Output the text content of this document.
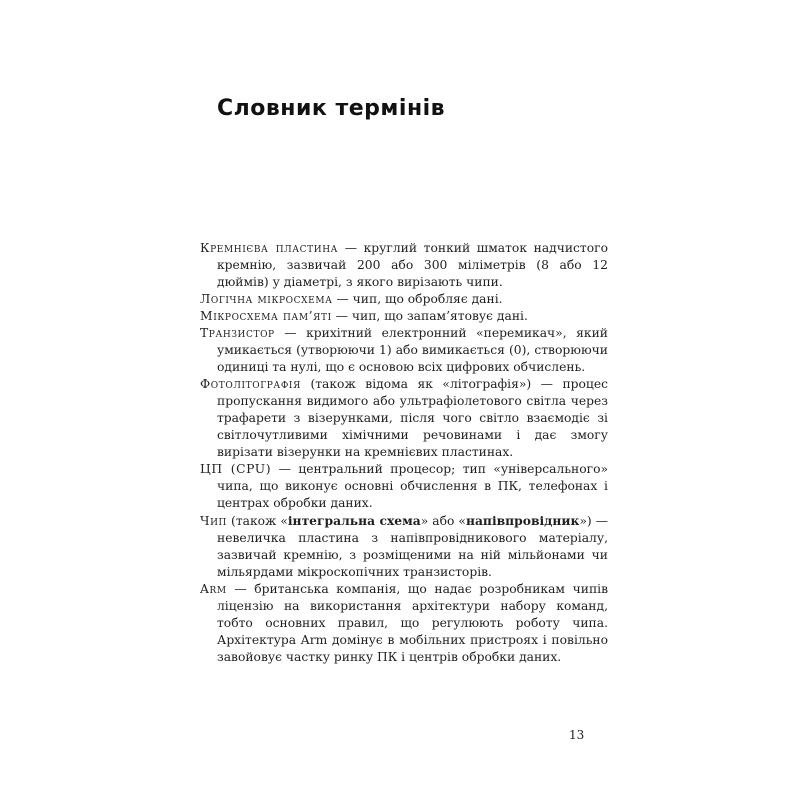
Словник термінів

Кремнієва пластина — круглий тонкий шматок надчистого кремнію, зазвичай 200 або 300 міліметрів (8 або 12 дюймів) у діаметрі, з якого вирізають чипи.

Логічна мікросхема — чип, що обробляє дані.

Мікросхема пам’яті — чип, що запам’ятовує дані.

Транзистор — крихітний електронний «перемикач», який умикається (утворюючи 1) або вимикається (0), створюючи одиниці та нулі, що є основою всіх цифрових обчислень.

Фотолітографія (також відома як «літографія») — процес пропускання видимого або ультрафіолетового світла через трафарети з візерунками, після чого світло взаємодіє зі світлочутливими хімічними речовинами і дає змогу вирізати візерунки на кремнієвих пластинах.

ЦП (CPU) — центральний процесор; тип «універсального» чипа, що виконує основні обчислення в ПК, телефонах і центрах обробки даних.

Чип (також «інтегральна схема» або «напівпровідник») — невеличка пластина з напівпровідникового матеріалу, зазвичай кремнію, з розміщеними на ній мільйонами чи мільярдами мікроскопічних транзисторів.

Arm — британська компанія, що надає розробникам чипів ліцензію на використання архітектури набору команд, тобто основних правил, що регулюють роботу чипа. Архітектура Arm домінує в мобільних пристроях і повільно завойовує частку ринку ПК і центрів обробки даних.

13
